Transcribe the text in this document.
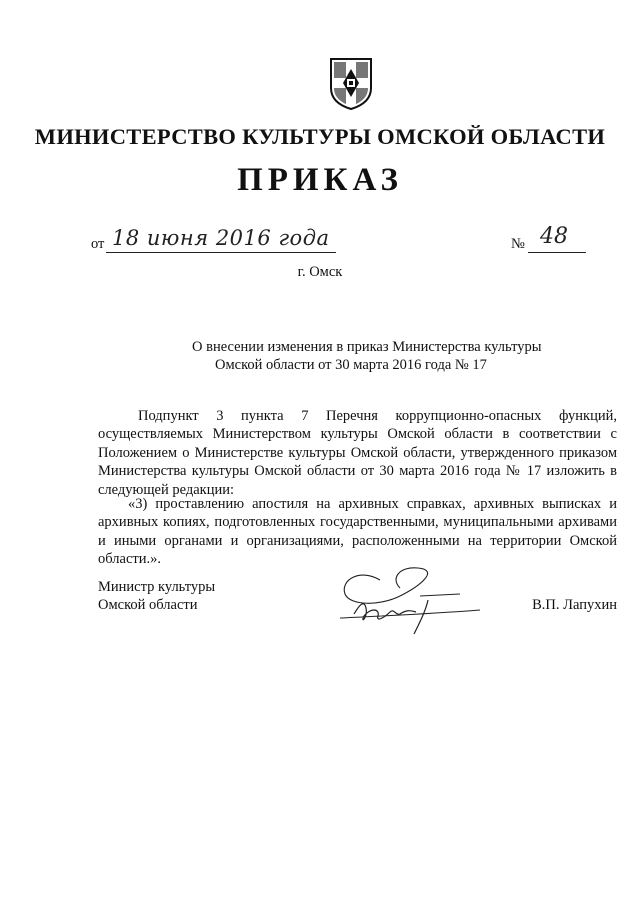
МИНИСТЕРСТВО КУЛЬТУРЫ ОМСКОЙ ОБЛАСТИ
ПРИКАЗ
от 18 июня 2016 года	№ 48
г. Омск
О внесении изменения в приказ Министерства культуры
Омской области от 30 марта 2016 года № 17
Подпункт 3 пункта 7 Перечня коррупционно-опасных функций, осуществляемых Министерством культуры Омской области в соответствии с Положением о Министерстве культуры Омской области, утвержденного приказом Министерства культуры Омской области от 30 марта 2016 года № 17 изложить в следующей редакции:
«3) проставлению апостиля на архивных справках, архивных выписках и архивных копиях, подготовленных государственными, муниципальными архивами и иными органами и организациями, расположенными на территории Омской области.».
Министр культуры
Омской области	В.П. Лапухин
